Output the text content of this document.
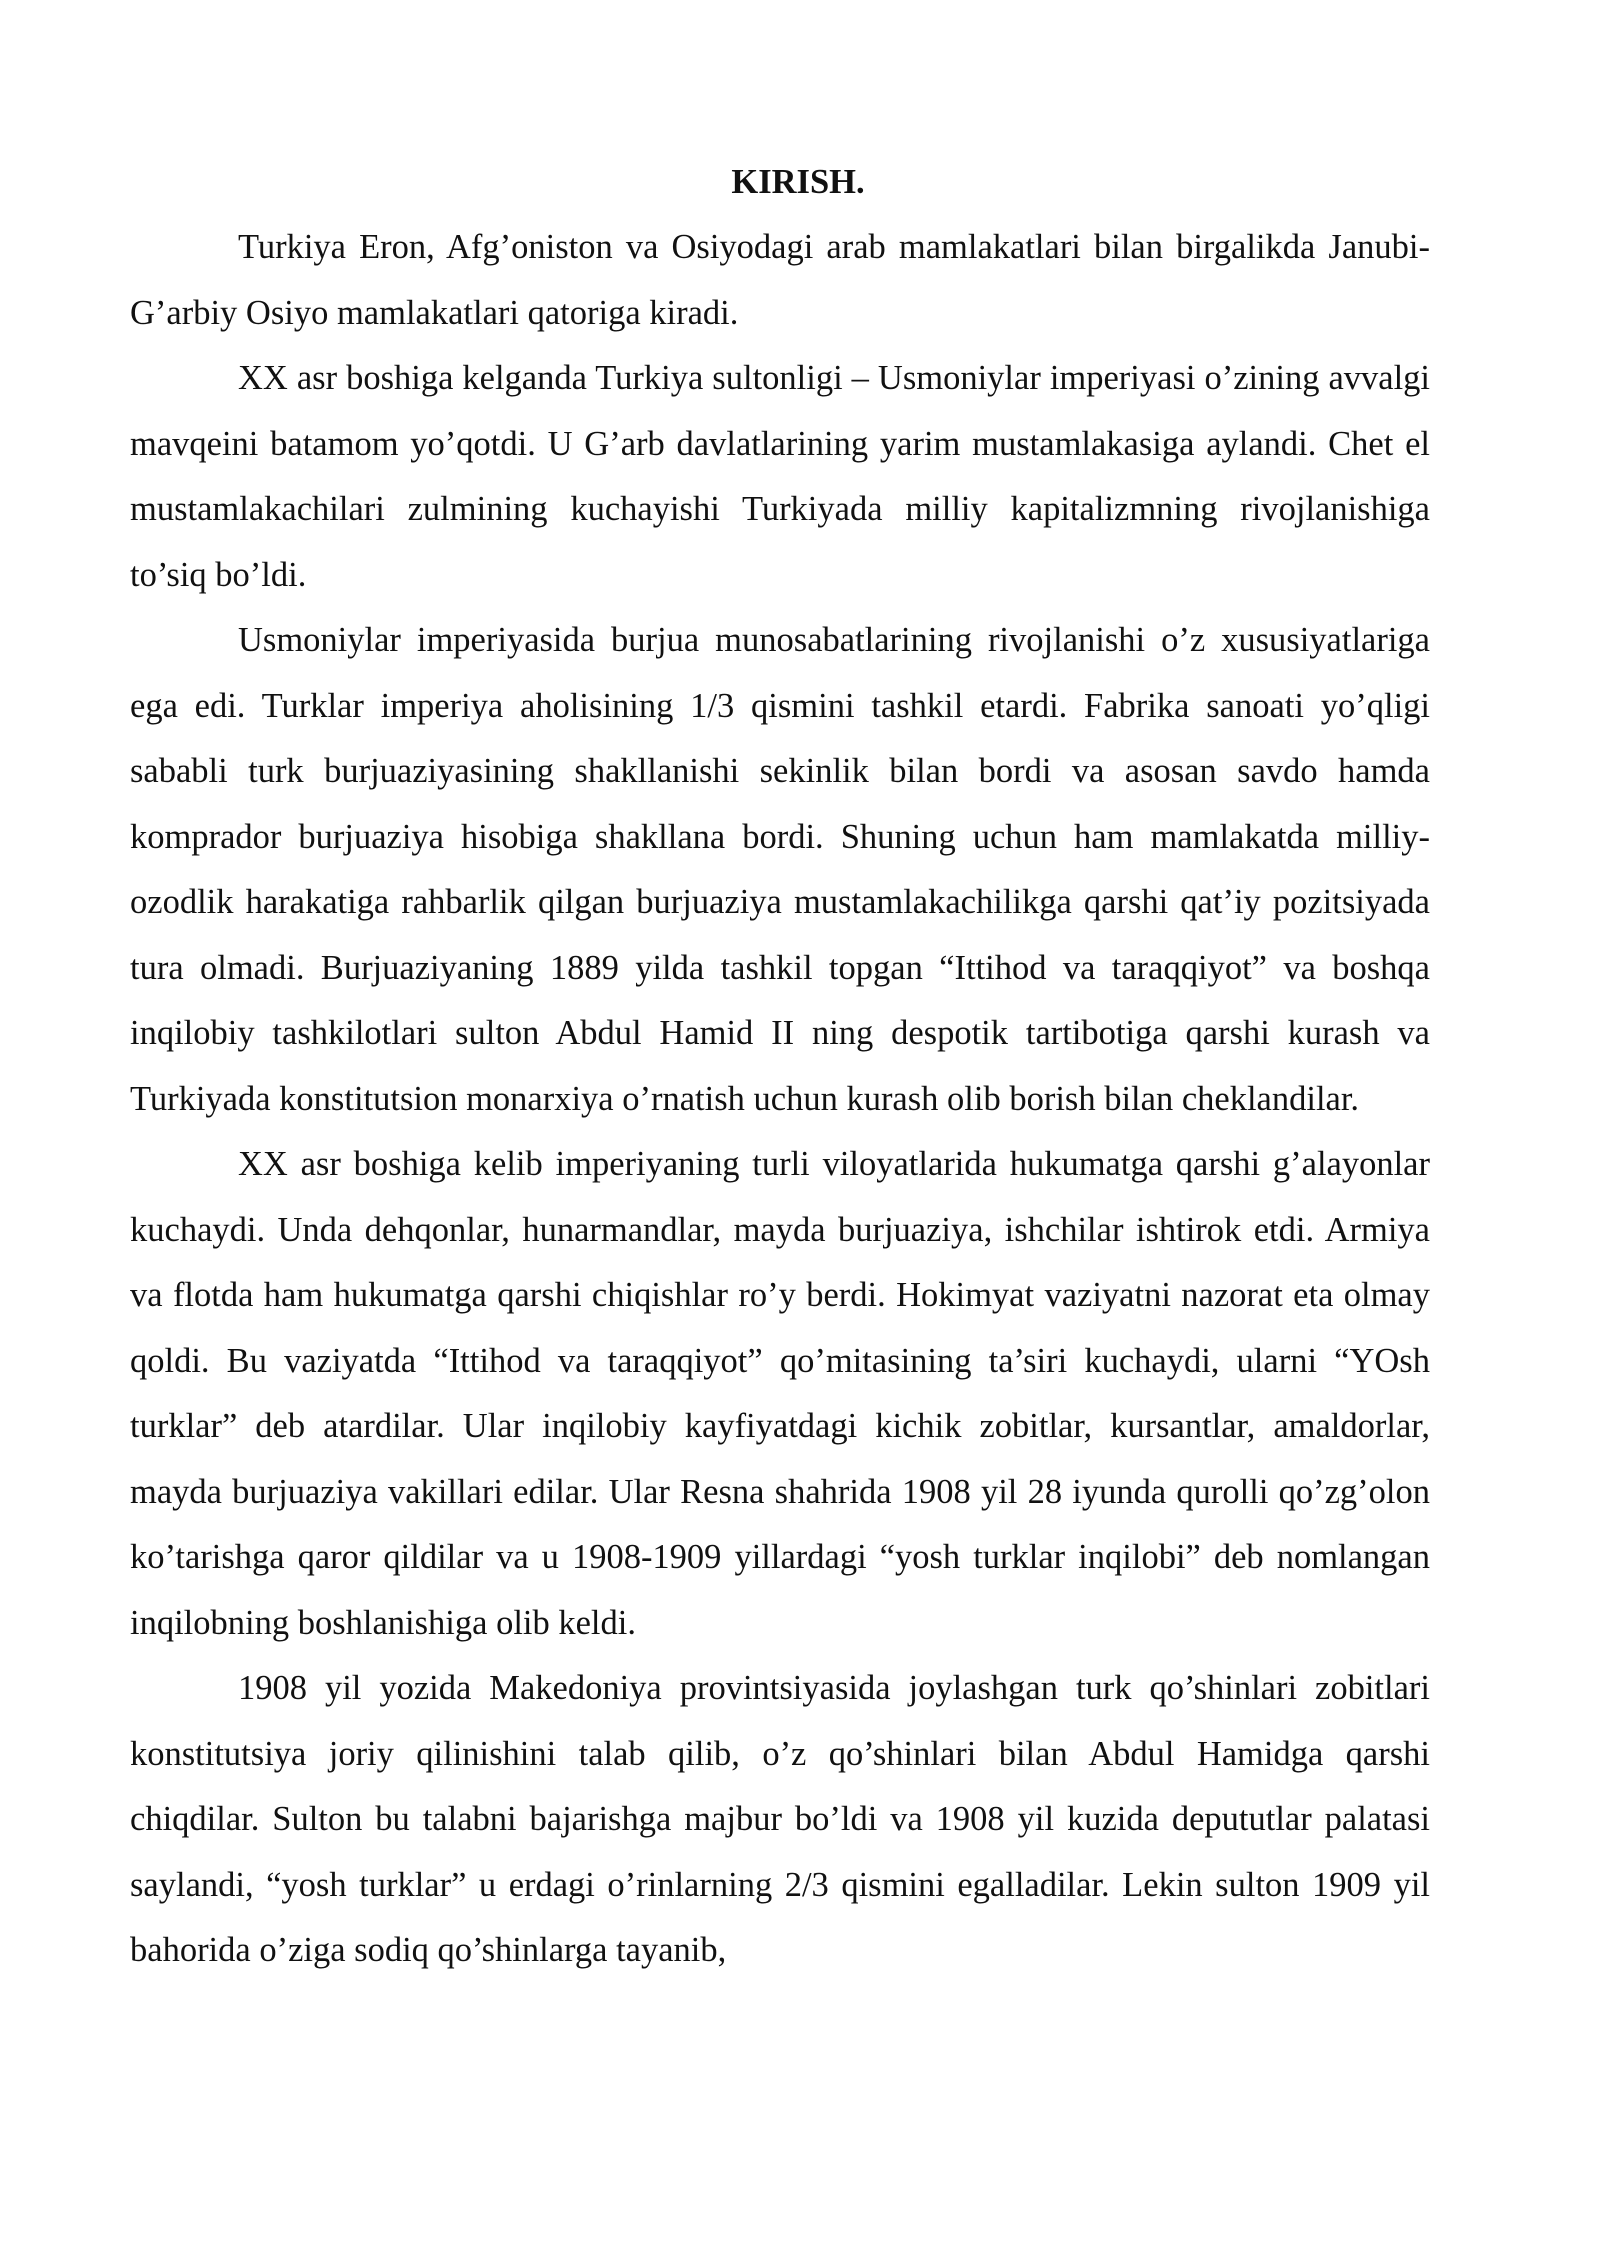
KIRISH.

Turkiya Eron, Afg’oniston va Osiyodagi arab mamlakatlari bilan birgalikda Janubi-G’arbiy Osiyo mamlakatlari qatoriga kiradi.

XX asr boshiga kelganda Turkiya sultonligi – Usmoniylar imperiyasi o’zining avvalgi mavqeini batamom yo’qotdi. U G’arb davlatlarining yarim mustamlakasiga aylandi. Chet el mustamlakachilari zulmining kuchayishi Turkiyada milliy kapitalizmning rivojlanishiga to’siq bo’ldi.

Usmoniylar imperiyasida burjua munosabatlarining rivojlanishi o’z xususiyatlariga ega edi. Turklar imperiya aholisining 1/3 qismini tashkil etardi. Fabrika sanoati yo’qligi sababli turk burjuaziyasining shakllanishi sekinlik bilan bordi va asosan savdo hamda komprador burjuaziya hisobiga shakllana bordi. Shuning uchun ham mamlakatda milliy-ozodlik harakatiga rahbarlik qilgan burjuaziya mustamlakachilikga qarshi qat’iy pozitsiyada tura olmadi. Burjuaziyaning 1889 yilda tashkil topgan “Ittihod va taraqqiyot” va boshqa inqilobiy tashkilotlari sulton Abdul Hamid II ning despotik tartibotiga qarshi kurash va Turkiyada konstitutsion monarxiya o’rnatish uchun kurash olib borish bilan cheklandilar.

XX asr boshiga kelib imperiyaning turli viloyatlarida hukumatga qarshi g’alayonlar kuchaydi. Unda dehqonlar, hunarmandlar, mayda burjuaziya, ishchilar ishtirok etdi. Armiya va flotda ham hukumatga qarshi chiqishlar ro’y berdi. Hokimyat vaziyatni nazorat eta olmay qoldi. Bu vaziyatda “Ittihod va taraqqiyot” qo’mitasining ta’siri kuchaydi, ularni “YOsh turklar” deb atardilar. Ular inqilobiy kayfiyatdagi kichik zobitlar, kursantlar, amaldorlar, mayda burjuaziya vakillari edilar. Ular Resna shahrida 1908 yil 28 iyunda qurolli qo’zg’olon ko’tarishga qaror qildilar va u 1908-1909 yillardagi “yosh turklar inqilobi” deb nomlangan inqilobning boshlanishiga olib keldi.

1908 yil yozida Makedoniya provintsiyasida joylashgan turk qo’shinlari zobitlari konstitutsiya joriy qilinishini talab qilib, o’z qo’shinlari bilan Abdul Hamidga qarshi chiqdilar. Sulton bu talabni bajarishga majbur bo’ldi va 1908 yil kuzida depututlar palatasi saylandi, “yosh turklar” u erdagi o’rinlarning 2/3 qismini egalladilar. Lekin sulton 1909 yil bahorida o’ziga sodiq qo’shinlarga tayanib,
